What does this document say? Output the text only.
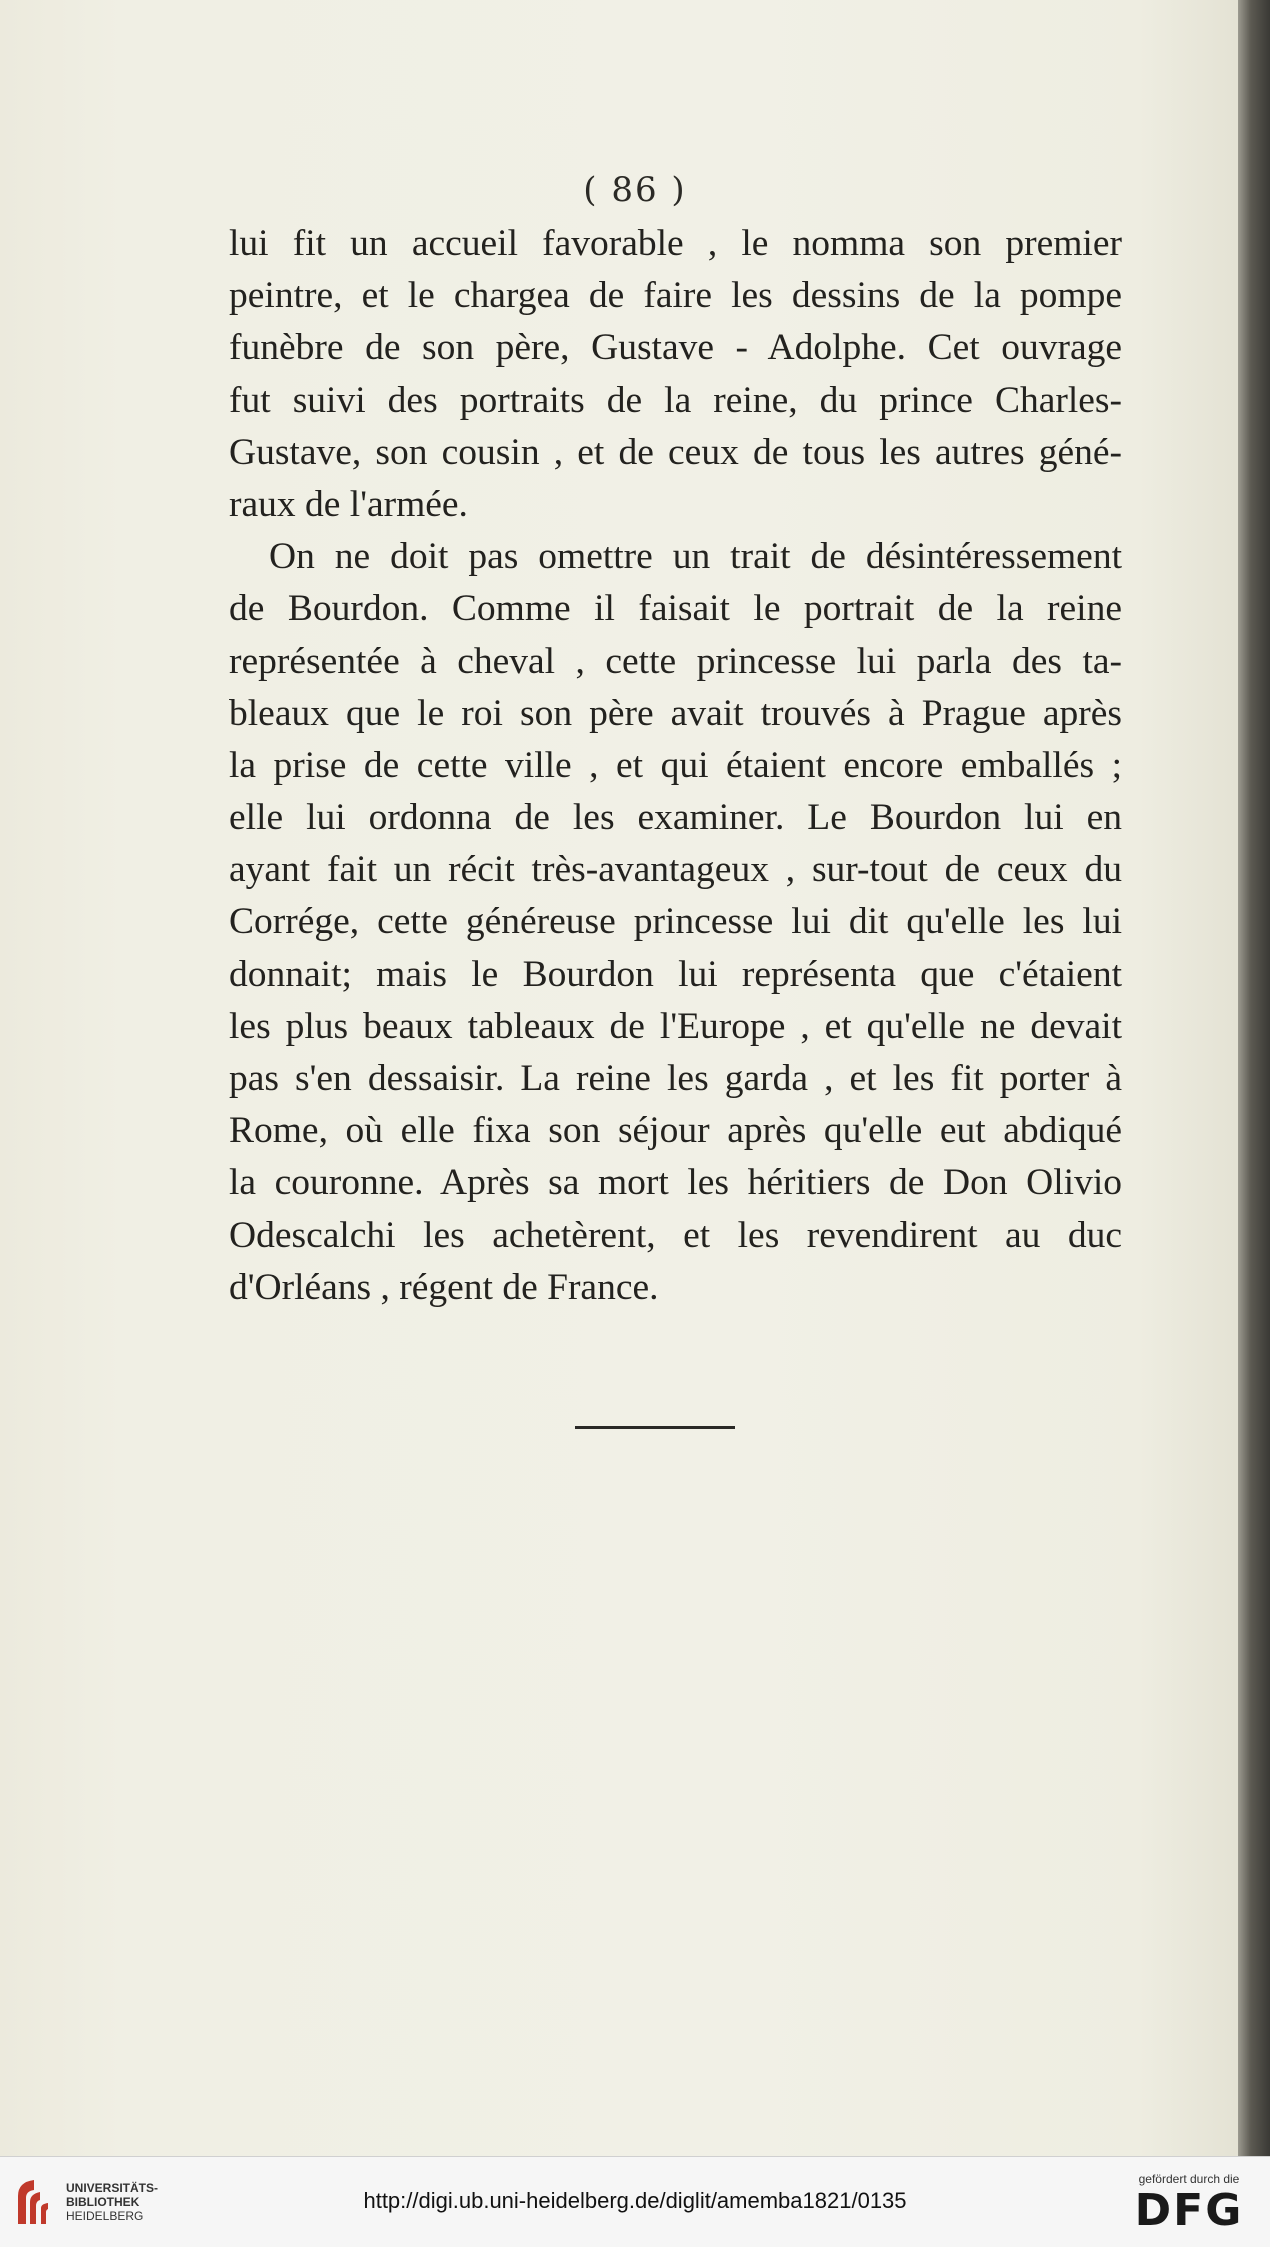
( 86 )
lui fit un accueil favorable , le nomma son premier
peintre, et le chargea de faire les dessins de la pompe
funèbre de son père, Gustave - Adolphe. Cet ouvrage
fut suivi des portraits de la reine, du prince Charles-
Gustave, son cousin , et de ceux de tous les autres géné-
raux de l'armée.
On ne doit pas omettre un trait de désintéressement
de Bourdon. Comme il faisait le portrait de la reine
représentée à cheval , cette princesse lui parla des ta-
bleaux que le roi son père avait trouvés à Prague après
la prise de cette ville , et qui étaient encore emballés ;
elle lui ordonna de les examiner. Le Bourdon lui en
ayant fait un récit très-avantageux , sur-tout de ceux du
Corrége, cette généreuse princesse lui dit qu'elle les lui
donnait; mais le Bourdon lui représenta que c'étaient
les plus beaux tableaux de l'Europe , et qu'elle ne devait
pas s'en dessaisir. La reine les garda , et les fit porter à
Rome, où elle fixa son séjour après qu'elle eut abdiqué
la couronne. Après sa mort les héritiers de Don Olivio
Odescalchi les achetèrent, et les revendirent au duc
d'Orléans , régent de France.
UNIVERSITÄTS-
BIBLIOTHEK
HEIDELBERG
http://digi.ub.uni-heidelberg.de/diglit/amemba1821/0135
gefördert durch die
DFG
